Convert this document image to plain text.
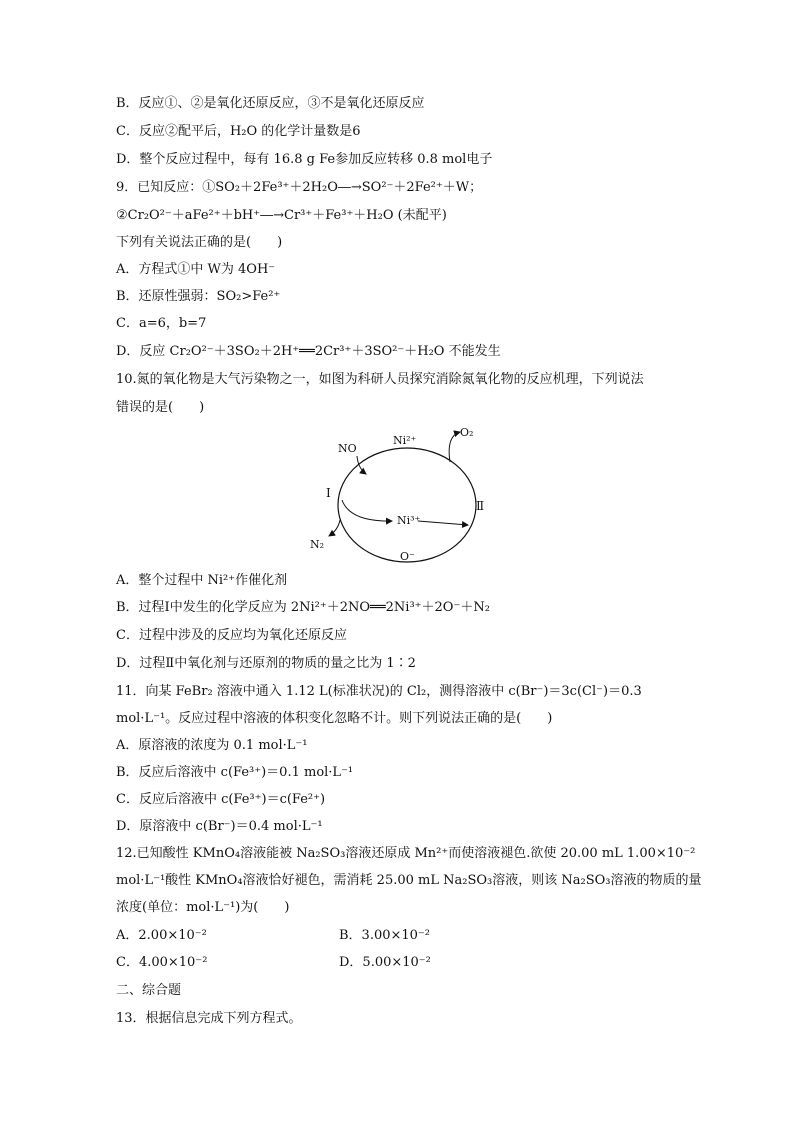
B．反应①、②是氧化还原反应，③不是氧化还原反应
C．反应②配平后，H₂O 的化学计量数是6
D．整个反应过程中，每有 16.8 g Fe参加反应转移 0.8 mol电子
9．已知反应：①SO₂＋2Fe³⁺＋2H₂O―→SO²⁻＋2Fe²⁺＋W；
②Cr₂O²⁻＋aFe²⁺＋bH⁺―→Cr³⁺＋Fe³⁺＋H₂O (未配平)
下列有关说法正确的是(　　)
A．方程式①中 W为 4OH⁻
B．还原性强弱：SO₂>Fe²⁺
C．a=6，b=7
D．反应 Cr₂O²⁻＋3SO₂＋2H⁺══2Cr³⁺＋3SO²⁻＋H₂O 不能发生
10.氮的氧化物是大气污染物之一，如图为科研人员探究消除氮氧化物的反应机理，下列说法
错误的是(　　)
NO
Ni²⁺
O₂
Ⅰ
Ⅱ
Ni³⁺
N₂
O⁻
A．整个过程中 Ni²⁺作催化剂
B．过程Ⅰ中发生的化学反应为 2Ni²⁺＋2NO══2Ni³⁺＋2O⁻＋N₂
C．过程中涉及的反应均为氧化还原反应
D．过程Ⅱ中氧化剂与还原剂的物质的量之比为 1∶2
11．向某 FeBr₂ 溶液中通入 1.12 L(标准状况)的 Cl₂，测得溶液中 c(Br⁻)＝3c(Cl⁻)＝0.3
mol·L⁻¹。反应过程中溶液的体积变化忽略不计。则下列说法正确的是(　　)
A．原溶液的浓度为 0.1 mol·L⁻¹
B．反应后溶液中 c(Fe³⁺)＝0.1 mol·L⁻¹
C．反应后溶液中 c(Fe³⁺)＝c(Fe²⁺)
D．原溶液中 c(Br⁻)＝0.4 mol·L⁻¹
12.已知酸性 KMnO₄溶液能被 Na₂SO₃溶液还原成 Mn²⁺而使溶液褪色.欲使 20.00 mL 1.00×10⁻²
mol·L⁻¹酸性 KMnO₄溶液恰好褪色，需消耗 25.00 mL Na₂SO₃溶液，则该 Na₂SO₃溶液的物质的量
浓度(单位：mol·L⁻¹)为(　　)
A．2.00×10⁻²	B．3.00×10⁻²
C．4.00×10⁻²	D．5.00×10⁻²
二、综合题
13．根据信息完成下列方程式。
